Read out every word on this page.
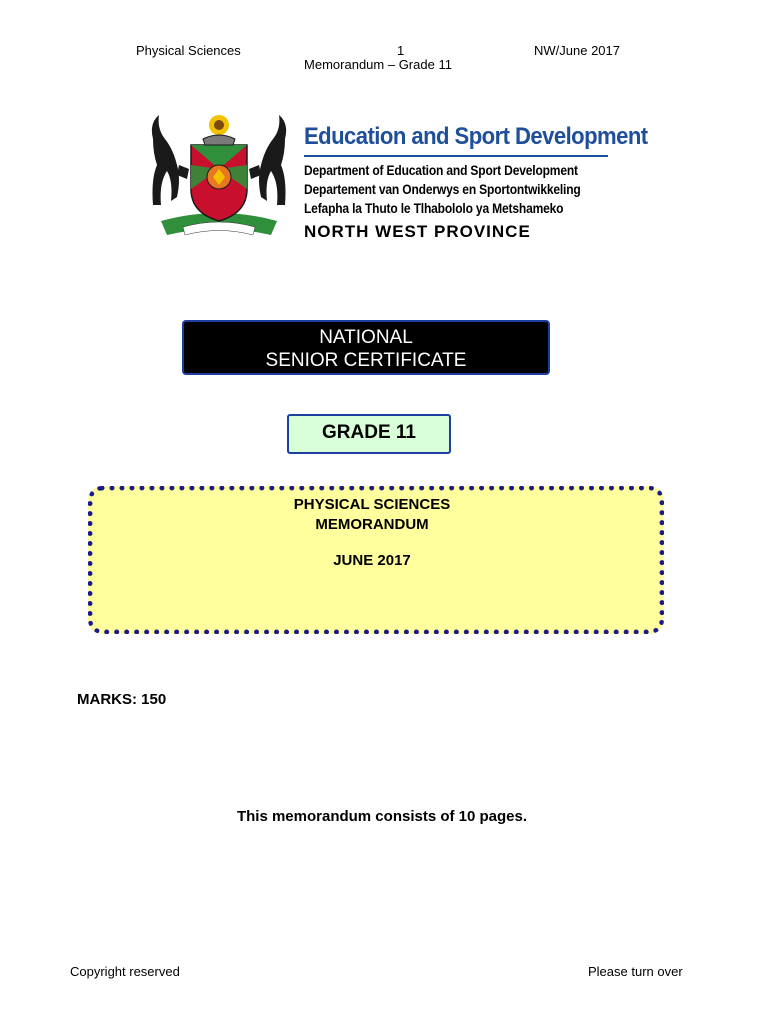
Physical Sciences	1	NW/June 2017
Memorandum – Grade 11
Education and Sport Development
Department of Education and Sport Development
Departement van Onderwys en Sportontwikkeling
Lefapha la Thuto le Tlhabololo ya Metshameko
NORTH WEST PROVINCE
NATIONAL
SENIOR CERTIFICATE
GRADE 11
PHYSICAL SCIENCES
MEMORANDUM
JUNE 2017
MARKS: 150
This memorandum consists of 10 pages.
Copyright reserved	Please turn over
